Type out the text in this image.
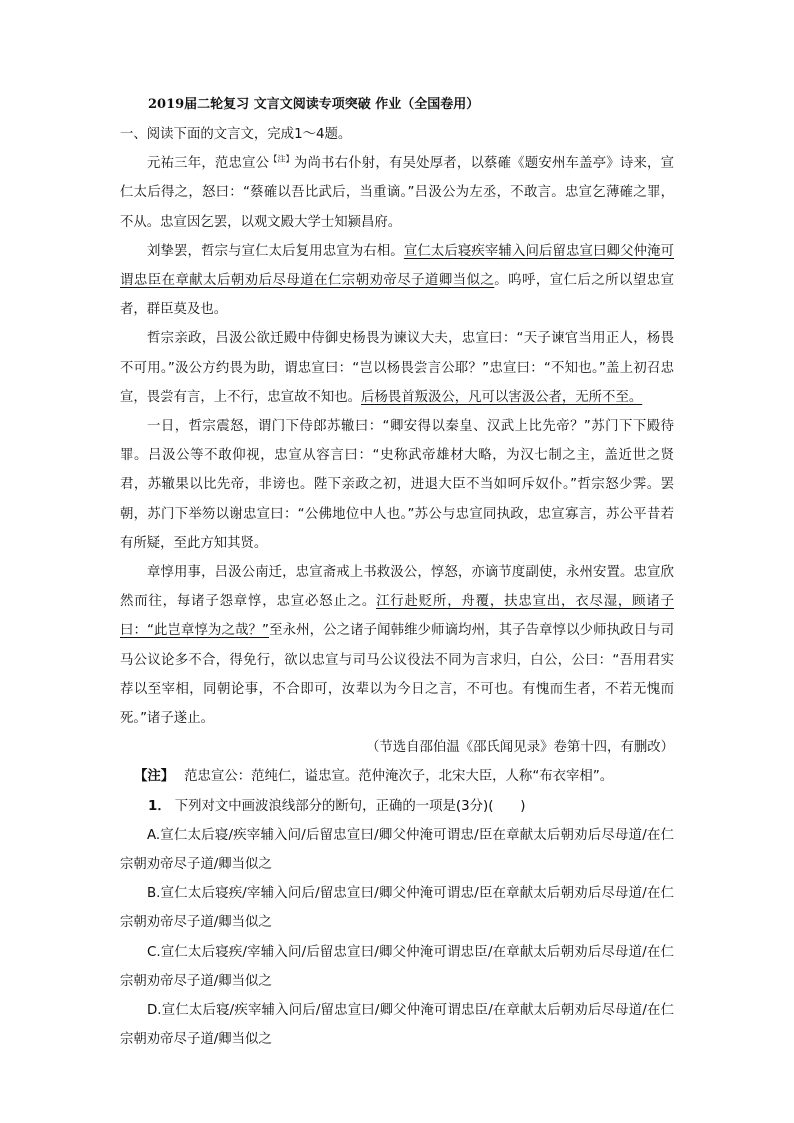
2019届二轮复习 文言文阅读专项突破 作业（全国卷用）

一、阅读下面的文言文，完成1～4题。

元祐三年，范忠宣公$^{【注】}$为尚书右仆射，有吴处厚者，以蔡確《题安州车盖亭》诗来，宣仁太后得之，怒曰：“蔡確以吾比武后，当重谪。”吕汲公为左丞，不敢言。忠宣乞薄確之罪，不从。忠宣因乞罢，以观文殿大学士知颍昌府。

刘挚罢，哲宗与宣仁太后复用忠宣为右相。宣仁太后寝疾宰辅入问后留忠宣曰卿父仲淹可谓忠臣在章献太后朝劝后尽母道在仁宗朝劝帝尽子道卿当似之。呜呼，宣仁后之所以望忠宣者，群臣莫及也。

哲宗亲政，吕汲公欲迁殿中侍御史杨畏为谏议大夫，忠宣曰：“天子谏官当用正人，杨畏不可用。”汲公方约畏为助，谓忠宣曰：“岂以杨畏尝言公耶？”忠宣曰：“不知也。”盖上初召忠宣，畏尝有言，上不行，忠宣故不知也。后杨畏首叛汲公，凡可以害汲公者，无所不至。

一日，哲宗震怒，谓门下侍郎苏辙曰：“卿安得以秦皇、汉武上比先帝？”苏门下下殿待罪。吕汲公等不敢仰视，忠宣从容言曰：“史称武帝雄材大略，为汉七制之主，盖近世之贤君，苏辙果以比先帝，非谤也。陛下亲政之初，进退大臣不当如呵斥奴仆。”哲宗怒少霁。罢朝，苏门下举笏以谢忠宣曰：“公佛地位中人也。”苏公与忠宣同执政，忠宣寡言，苏公平昔若有所疑，至此方知其贤。

章惇用事，吕汲公南迁，忠宣斋戒上书救汲公，惇怒，亦谪节度副使，永州安置。忠宣欣然而往，每诸子怨章惇，忠宣必怒止之。江行赴贬所，舟覆，扶忠宣出，衣尽湿，顾诸子曰：“此岂章惇为之哉？”至永州，公之诸子闻韩维少师谪均州，其子告章惇以少师执政日与司马公议论多不合，得免行，欲以忠宣与司马公议役法不同为言求归，白公，公曰：“吾用君实荐以至宰相，同朝论事，不合即可，汝辈以为今日之言，不可也。有愧而生者，不若无愧而死。”诸子遂止。

（节选自邵伯温《邵氏闻见录》卷第十四，有删改）

【注】 范忠宣公：范纯仁，谥忠宣。范仲淹次子，北宋大臣，人称“布衣宰相”。

1． 下列对文中画波浪线部分的断句，正确的一项是(3分)(　　)

A.宣仁太后寝/疾宰辅入问/后留忠宣曰/卿父仲淹可谓忠/臣在章献太后朝劝后尽母道/在仁宗朝劝帝尽子道/卿当似之

B.宣仁太后寝疾/宰辅入问后/留忠宣曰/卿父仲淹可谓忠/臣在章献太后朝劝后尽母道/在仁宗朝劝帝尽子道/卿当似之

C.宣仁太后寝疾/宰辅入问/后留忠宣曰/卿父仲淹可谓忠臣/在章献太后朝劝后尽母道/在仁宗朝劝帝尽子道/卿当似之

D.宣仁太后寝/疾宰辅入问后/留忠宣曰/卿父仲淹可谓忠臣/在章献太后朝劝后尽母道/在仁宗朝劝帝尽子道/卿当似之
